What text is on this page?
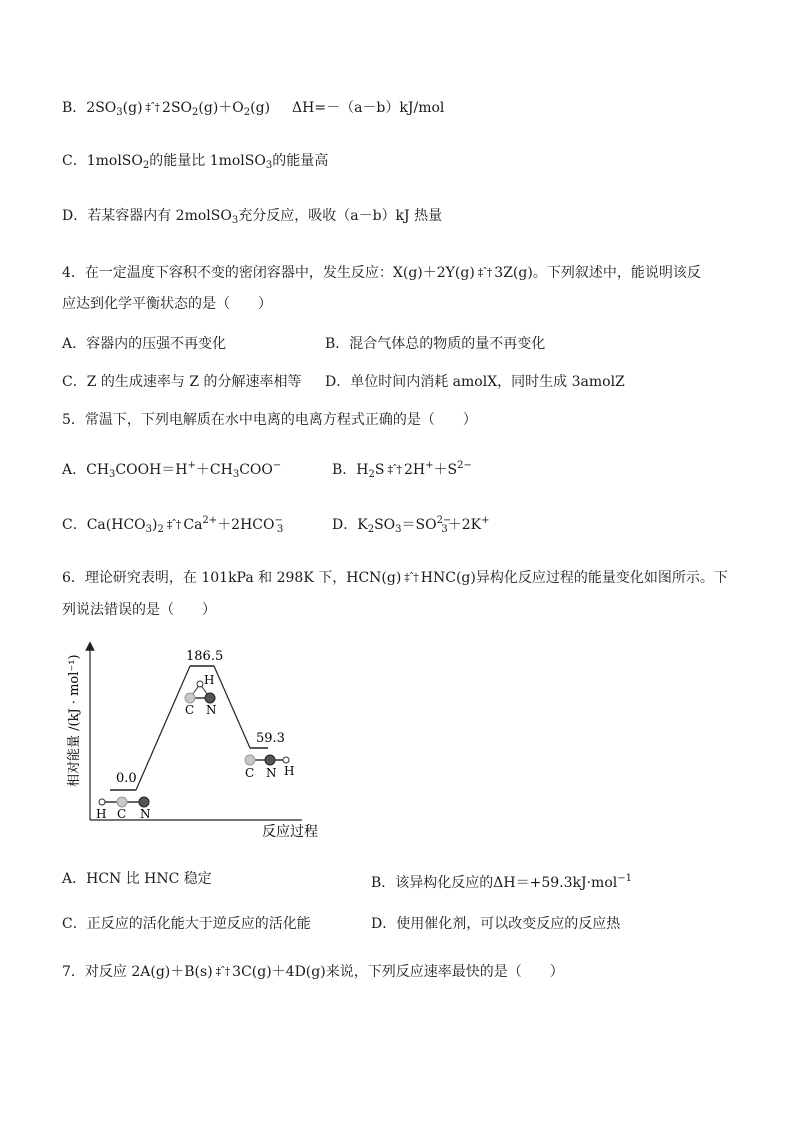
B．$2SO_3(g)$ ‡ˆ† $2SO_2(g)+O_2(g)$ ΔH=－（a－b）kJ/mol
C．1molSO$_2$的能量比 1molSO$_3$的能量高
D．若某容器内有 2molSO$_3$充分反应，吸收（a－b）kJ 热量
4．在一定温度下容积不变的密闭容器中，发生反应：X(g)＋2Y(g) ‡ˆ† 3Z(g)。下列叙述中，能说明该反
应达到化学平衡状态的是（　　）
A．容器内的压强不再变化	B．混合气体总的物质的量不再变化
C．Z 的生成速率与 Z 的分解速率相等 D．单位时间内消耗 amolX，同时生成 3amolZ
5．常温下，下列电解质在水中电离的电离方程式正确的是（　　）
A．$CH_3COOH=H^++CH_3COO^-$	B．$H_2S$ ‡ˆ† $2H^++S^{2-}$
C．$Ca(HCO_3)_2$ ‡ˆ† $Ca^{2+}+2HCO^-_3$	D．$K_2SO_3=SO^{2-}_3+2K^+$
6．理论研究表明，在 101kPa 和 298K 下，HCN(g) ‡ˆ† HNC(g)异构化反应过程的能量变化如图所示。下
列说法错误的是（　　）
相对能量 /(kJ · mol⁻¹)
反应过程
0.0
186.5
59.3
H C N
H
C N
C N H
A．HCN 比 HNC 稳定	B．该异构化反应的ΔH＝+59.3kJ·mol$^{-1}$
C．正反应的活化能大于逆反应的活化能	D．使用催化剂，可以改变反应的反应热
7．对反应 2A(g)＋B(s) ‡ˆ† 3C(g)＋4D(g)来说，下列反应速率最快的是（　　）
